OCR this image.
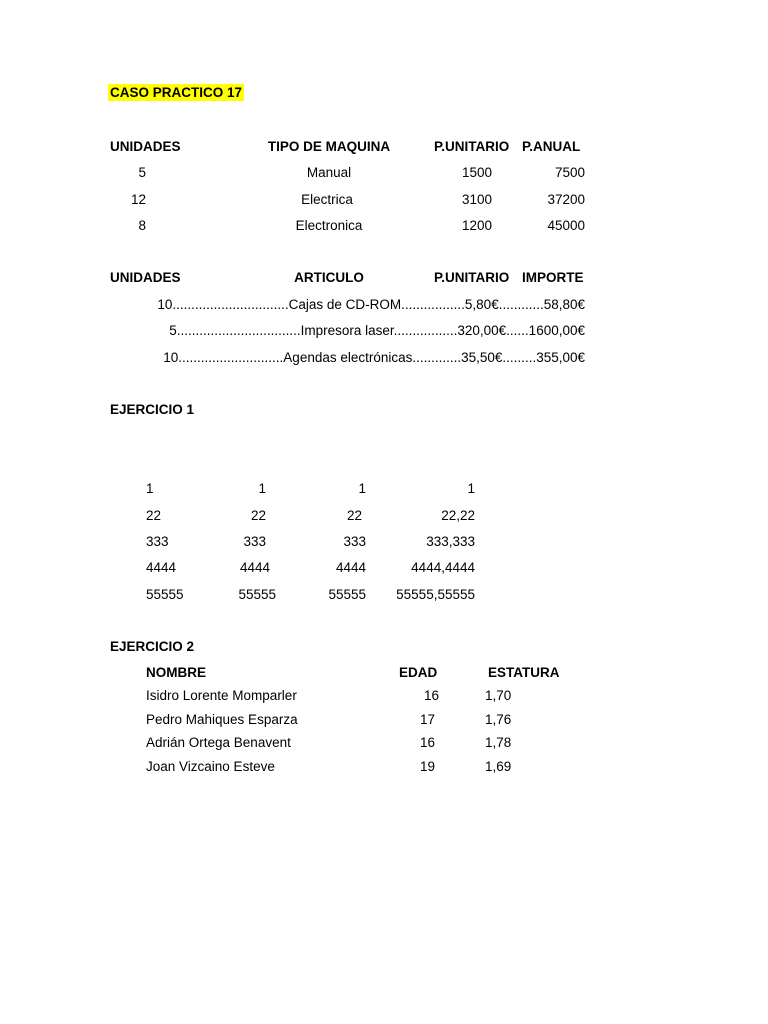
CASO PRACTICO 17
UNIDADES	TIPO DE MAQUINA	P.UNITARIO P.ANUAL
5	Manual	1500	7500
12	Electrica	3100	37200
8	Electronica	1200	45000
UNIDADES	ARTICULO	P.UNITARIO IMPORTE
10...............................Cajas de CD-ROM.................5,80€............58,80€
5.................................Impresora laser.................320,00€......1600,00€
10............................Agendas electrónicas.............35,50€.........355,00€
EJERCICIO 1
1	1	1	1
22	22	22	22,22
333	333	333	333,333
4444	4444	4444	4444,4444
55555	55555	55555	55555,55555
EJERCICIO 2
NOMBRE	EDAD	ESTATURA
Isidro Lorente Momparler	16	1,70
Pedro Mahiques Esparza	17	1,76
Adrián Ortega Benavent	16	1,78
Joan Vizcaino Esteve	19	1,69
